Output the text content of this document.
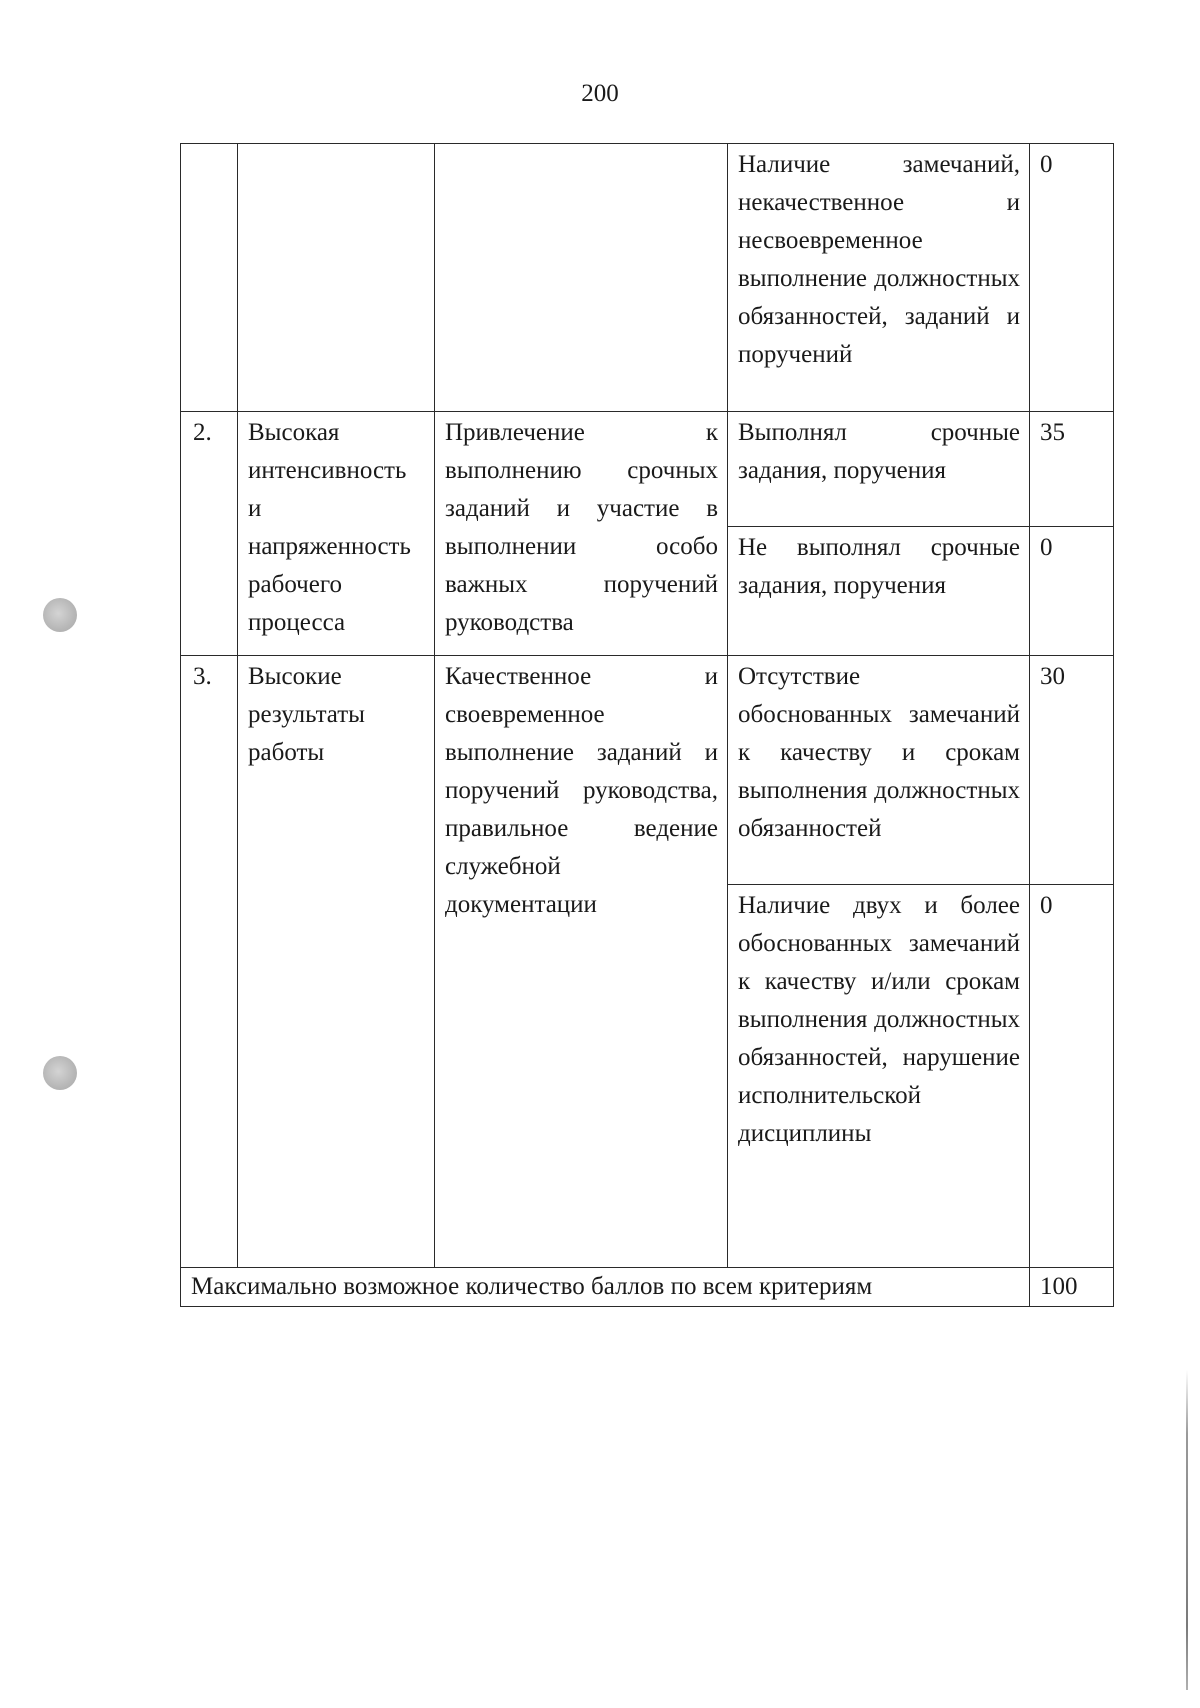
200
			Наличие замечаний, некачественное и несвоевременное выполнение должностных обязанностей, заданий и поручений	0
2.	Высокая интенсивность и напряженность рабочего процесса	Привлечение к выполнению срочных заданий и участие в выполнении особо важных поручений руководства	Выполнял срочные задания, поручения	35
			Не выполнял срочные задания, поручения	0
3.	Высокие результаты работы	Качественное и своевременное выполнение заданий и поручений руководства, правильное ведение служебной документации	Отсутствие обоснованных замечаний к качеству и срокам выполнения должностных обязанностей	30
			Наличие двух и более обоснованных замечаний к качеству и/или срокам выполнения должностных обязанностей, нарушение исполнительской дисциплины	0
Максимально возможное количество баллов по всем критериям				100
